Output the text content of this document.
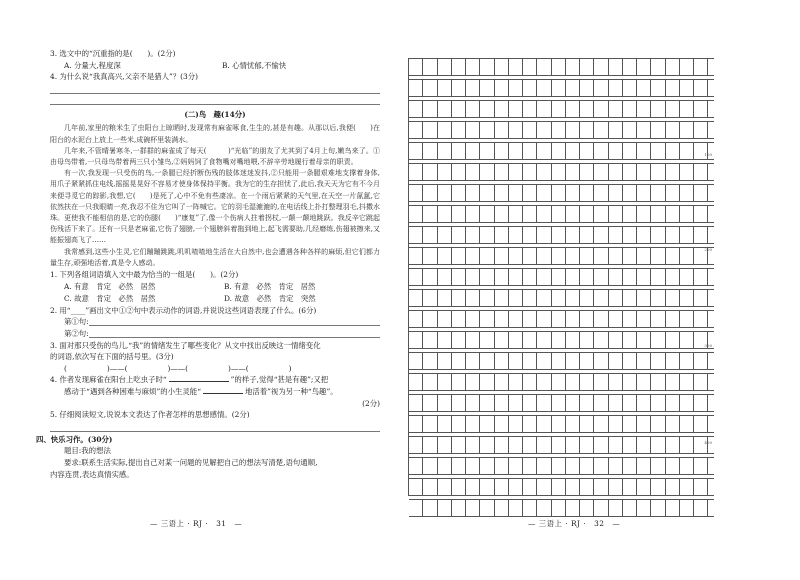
3. 选文中的“沉重指的是(　　)。(2分)
A. 分量大,程度深	B. 心情忧郁,不愉快
4. 为什么说“我真高兴,父亲不是猎人”？(3分)
(二)鸟　趣(14分)
几年前,家里的粮米生了虫阳台上晾晒时,发现常有麻雀啄食,生生的,甚是有趣。从那以后,我便(　　)在阳台的水泥台上放上一些米,成碗杯里装满水。
几年来,不管晴暑寒冬,一群群的麻雀成了每天(　　　)“光临”的朋友了尤其到了4月上旬,嫩鸟来了。①由母鸟带着,一只母鸟带着两三只小雏鸟,②妈妈饲了食物嘴对嘴地喂,不辞辛劳地履行着母亲的职责。
有一次,我发现一只受伤的鸟,一条腿已经折断伤残的肢体迷迷发抖,②只能用一条腿艰难地支撑着身体,用爪子紧紧抓住电线,摇摇晃晃好不容易才使身体保持平衡。我为它的生存担忧了,此后,我天天为它有不今月来便寻觅它的踪影,我想,它(　　)是死了,心中不免有些凄凉。在一个雨后紧紧的天气里,在天空一片氤氲,它依然扶在一只我眼睛一亮,我忍不住为它叫了一阵喊它。它的羽毛湿漉漉的,在电话线上扑打整理羽毛,抖擞水珠。更使我不能相信的是,它的伤腿(　　)“康复”了,像一个伤病人拄着拐杖,一颠一颠地跳跃。我反辛它跳起伤残活下来了。还有一只是老麻雀,它伤了翅膀,一个翅膀斜着拖到地上,起飞需要助,几经磨练,伤翅被擦来,又能振翅高飞了……
我常感到,这些小生灵,它们蹦蹦跳跳,叽叽喳喳地生活在大自然中,也会遭遇各种各样的麻烦,但它们都力量生存,顽强地活着,真是令人感动。
1. 下列各组词语填入文中最为恰当的一组是(　　)。(2分)
A. 有意　肯定　必然　居然	B. 有意　必然　肯定　居然
C. 故意　肯定　必然　居然	D. 故意　必然　肯定　突然
2. 用“____”画出文中①②句中表示动作的词语,并说说这些词语表现了什么。(6分)
第①句:
第②句:
3. 面对那只受伤的鸟儿,“我”的情绪发生了哪些变化？从文中找出反映这一情绪变化
的词语,依次写在下面的括号里。(3分)
(	)——(	)——(	)——(	)
4. 作者发现麻雀在阳台上吃虫子时“	”的样子,觉得“甚是有趣”;又把
感动于“遇到各种困难与麻烦”的小生灵能“	地活着”视为另一种“鸟趣”。
(2分)
5. 仔细阅读短文,说说本文表达了作者怎样的思想感情。(2分)
四、快乐习作。(30分)
题目:我的想法
要求:联系生活实际,提出自己对某一问题的见解把自己的想法写清楚,语句通顺,
内容连贯,表达真情实感。
— 三语上 · RJ ·　31　—
100
200
300
400
— 三语上 · RJ ·　32　—
